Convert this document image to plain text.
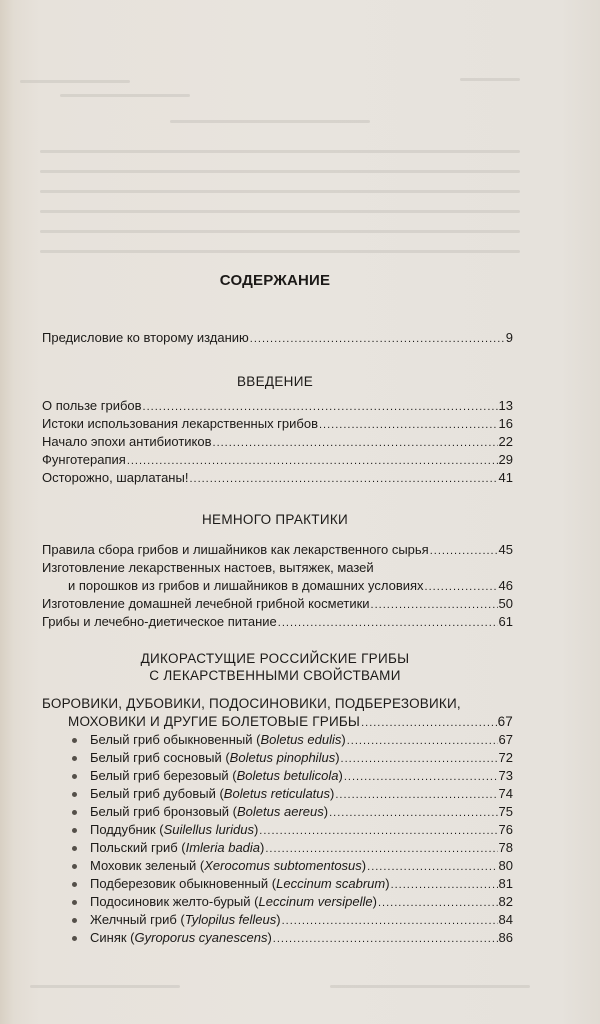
СОДЕРЖАНИЕ
Предисловие ко второму изданию .....	9
ВВЕДЕНИЕ
О пользе грибов .....	13
Истоки использования лекарственных грибов .....	16
Начало эпохи антибиотиков .....	22
Фунготерапия .....	29
Осторожно, шарлатаны! .....	41
НЕМНОГО ПРАКТИКИ
Правила сбора грибов и лишайников как лекарственного сырья .....	45
Изготовление лекарственных настоев, вытяжек, мазей
и порошков из грибов и лишайников в домашних условиях .....	46
Изготовление домашней лечебной грибной косметики .....	50
Грибы и лечебно-диетическое питание .....	61
ДИКОРАСТУЩИЕ РОССИЙСКИЕ ГРИБЫ
С ЛЕКАРСТВЕННЫМИ СВОЙСТВАМИ
БОРОВИКИ, ДУБОВИКИ, ПОДОСИНОВИКИ, ПОДБЕРЕЗОВИКИ,
МОХОВИКИ И ДРУГИЕ БОЛЕТОВЫЕ ГРИБЫ .....	67
Белый гриб обыкновенный (Boletus edulis) .....	67
Белый гриб сосновый (Boletus pinophilus) .....	72
Белый гриб березовый (Boletus betulicola) .....	73
Белый гриб дубовый (Boletus reticulatus) .....	74
Белый гриб бронзовый (Boletus aereus) .....	75
Поддубник (Suilellus luridus) .....	76
Польский гриб (Imleria badia) .....	78
Моховик зеленый (Xerocomus subtomentosus) .....	80
Подберезовик обыкновенный (Leccinum scabrum) .....	81
Подосиновик желто-бурый (Leccinum versipelle) .....	82
Желчный гриб (Tylopilus felleus) .....	84
Синяк (Gyroporus cyanescens) .....	86
